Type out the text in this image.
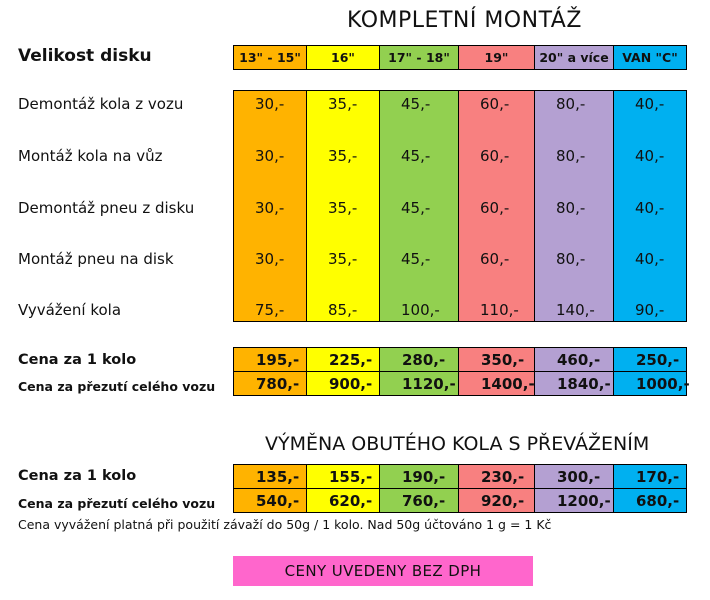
KOMPLETNÍ MONTÁŽ
Velikost disku	13" - 15"	16"	17" - 18"	19"	20" a více	VAN "C"
Demontáž kola z vozu	30,-	35,-	45,-	60,-	80,-	40,-
Montáž kola na vůz	30,-	35,-	45,-	60,-	80,-	40,-
Demontáž pneu z disku	30,-	35,-	45,-	60,-	80,-	40,-
Montáž pneu na disk	30,-	35,-	45,-	60,-	80,-	40,-
Vyvážení kola	75,-	85,-	100,-	110,-	140,-	90,-
Cena za 1 kolo	195,-	225,-	280,-	350,-	460,-	250,-
Cena za přezutí celého vozu	780,-	900,-	1120,-	1400,-	1840,-	1000,-
VÝMĚNA OBUTÉHO KOLA S PŘEVÁŽENÍM
Cena za 1 kolo	135,-	155,-	190,-	230,-	300,-	170,-
Cena za přezutí celého vozu	540,-	620,-	760,-	920,-	1200,-	680,-
Cena vyvážení platná při použití závaží do 50g / 1 kolo. Nad 50g účtováno 1 g = 1 Kč
CENY UVEDENY BEZ DPH
